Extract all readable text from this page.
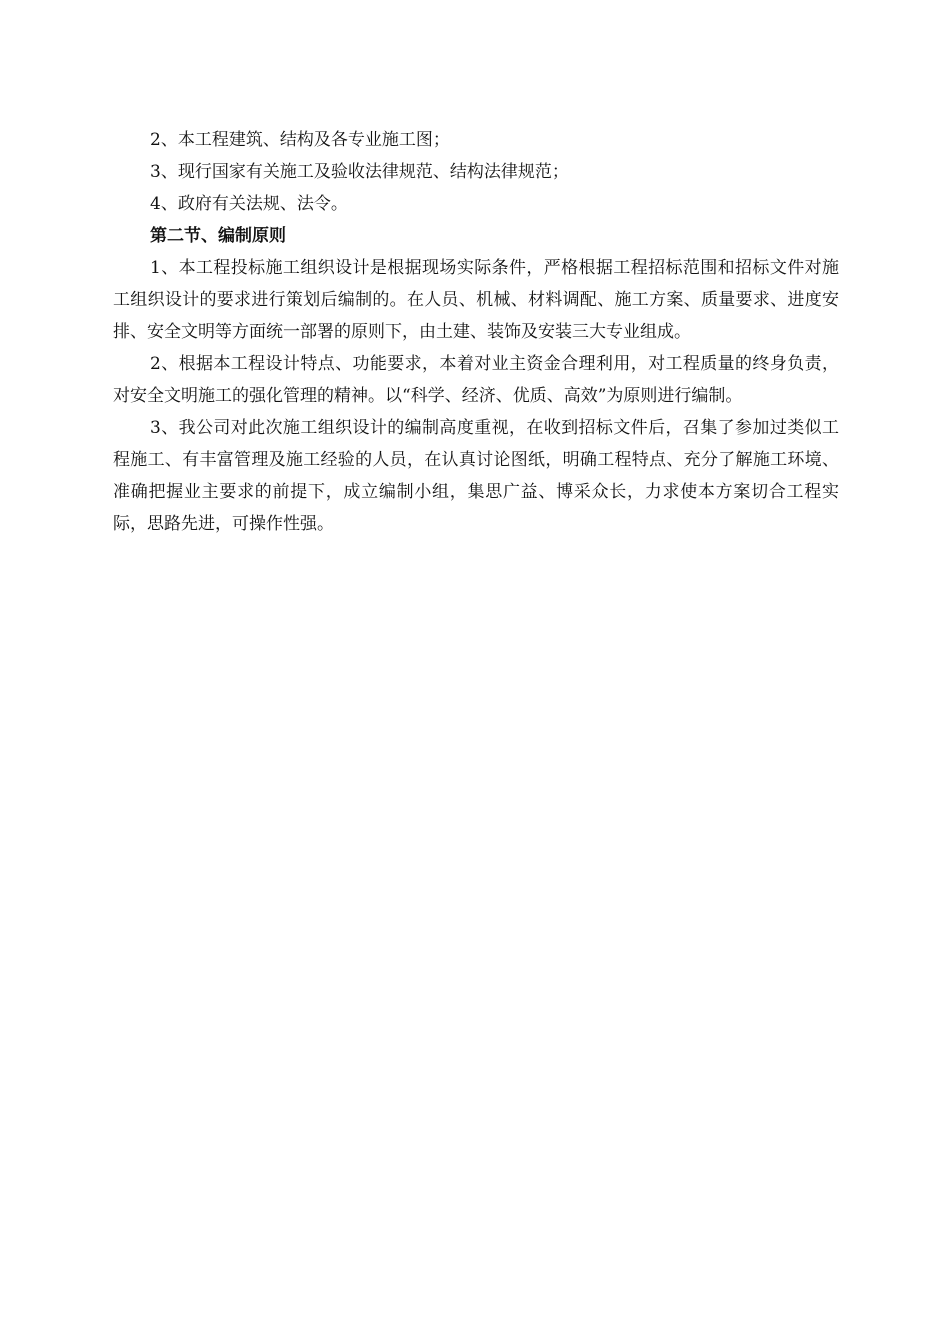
2、本工程建筑、结构及各专业施工图；

3、现行国家有关施工及验收法律规范、结构法律规范；

4、政府有关法规、法令。

第二节、编制原则

1、本工程投标施工组织设计是根据现场实际条件，严格根据工程招标范围和招标文件对施工组织设计的要求进行策划后编制的。在人员、机械、材料调配、施工方案、质量要求、进度安排、安全文明等方面统一部署的原则下，由土建、装饰及安装三大专业组成。

2、根据本工程设计特点、功能要求，本着对业主资金合理利用，对工程质量的终身负责，对安全文明施工的强化管理的精神。以“科学、经济、优质、高效”为原则进行编制。

3、我公司对此次施工组织设计的编制高度重视，在收到招标文件后，召集了参加过类似工程施工、有丰富管理及施工经验的人员，在认真讨论图纸，明确工程特点、充分了解施工环境、准确把握业主要求的前提下，成立编制小组，集思广益、博采众长，力求使本方案切合工程实际，思路先进，可操作性强。
